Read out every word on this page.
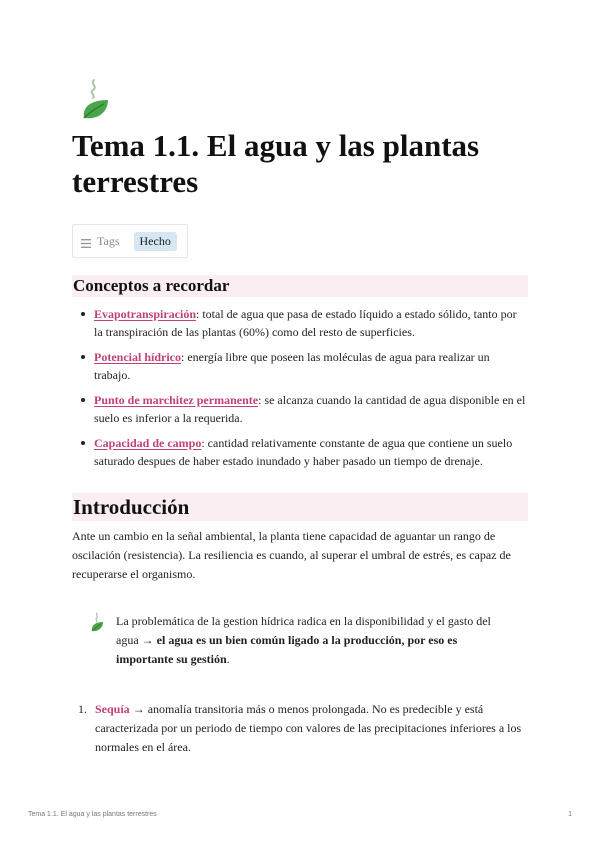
Tema 1.1. El agua y las plantas terrestres
Tags	Hecho
Conceptos a recordar
Evapotranspiración: total de agua que pasa de estado líquido a estado sólido, tanto por la transpiración de las plantas (60%) como del resto de superficies.
Potencial hídrico: energía libre que poseen las moléculas de agua para realizar un trabajo.
Punto de marchitez permanente: se alcanza cuando la cantidad de agua disponible en el suelo es inferior a la requerida.
Capacidad de campo: cantidad relativamente constante de agua que contiene un suelo saturado despues de haber estado inundado y haber pasado un tiempo de drenaje.
Introducción

Ante un cambio en la señal ambiental, la planta tiene capacidad de aguantar un rango de oscilación (resistencia). La resiliencia es cuando, al superar el umbral de estrés, es capaz de recuperarse el organismo.

La problemática de la gestion hídrica radica en la disponibilidad y el gasto del agua → el agua es un bien común ligado a la producción, por eso es importante su gestión.
1. Sequía → anomalía transitoria más o menos prolongada. No es predecible y está caracterizada por un periodo de tiempo con valores de las precipitaciones inferiores a los normales en el área.
Tema 1.1. El agua y las plantas terrestres	1
